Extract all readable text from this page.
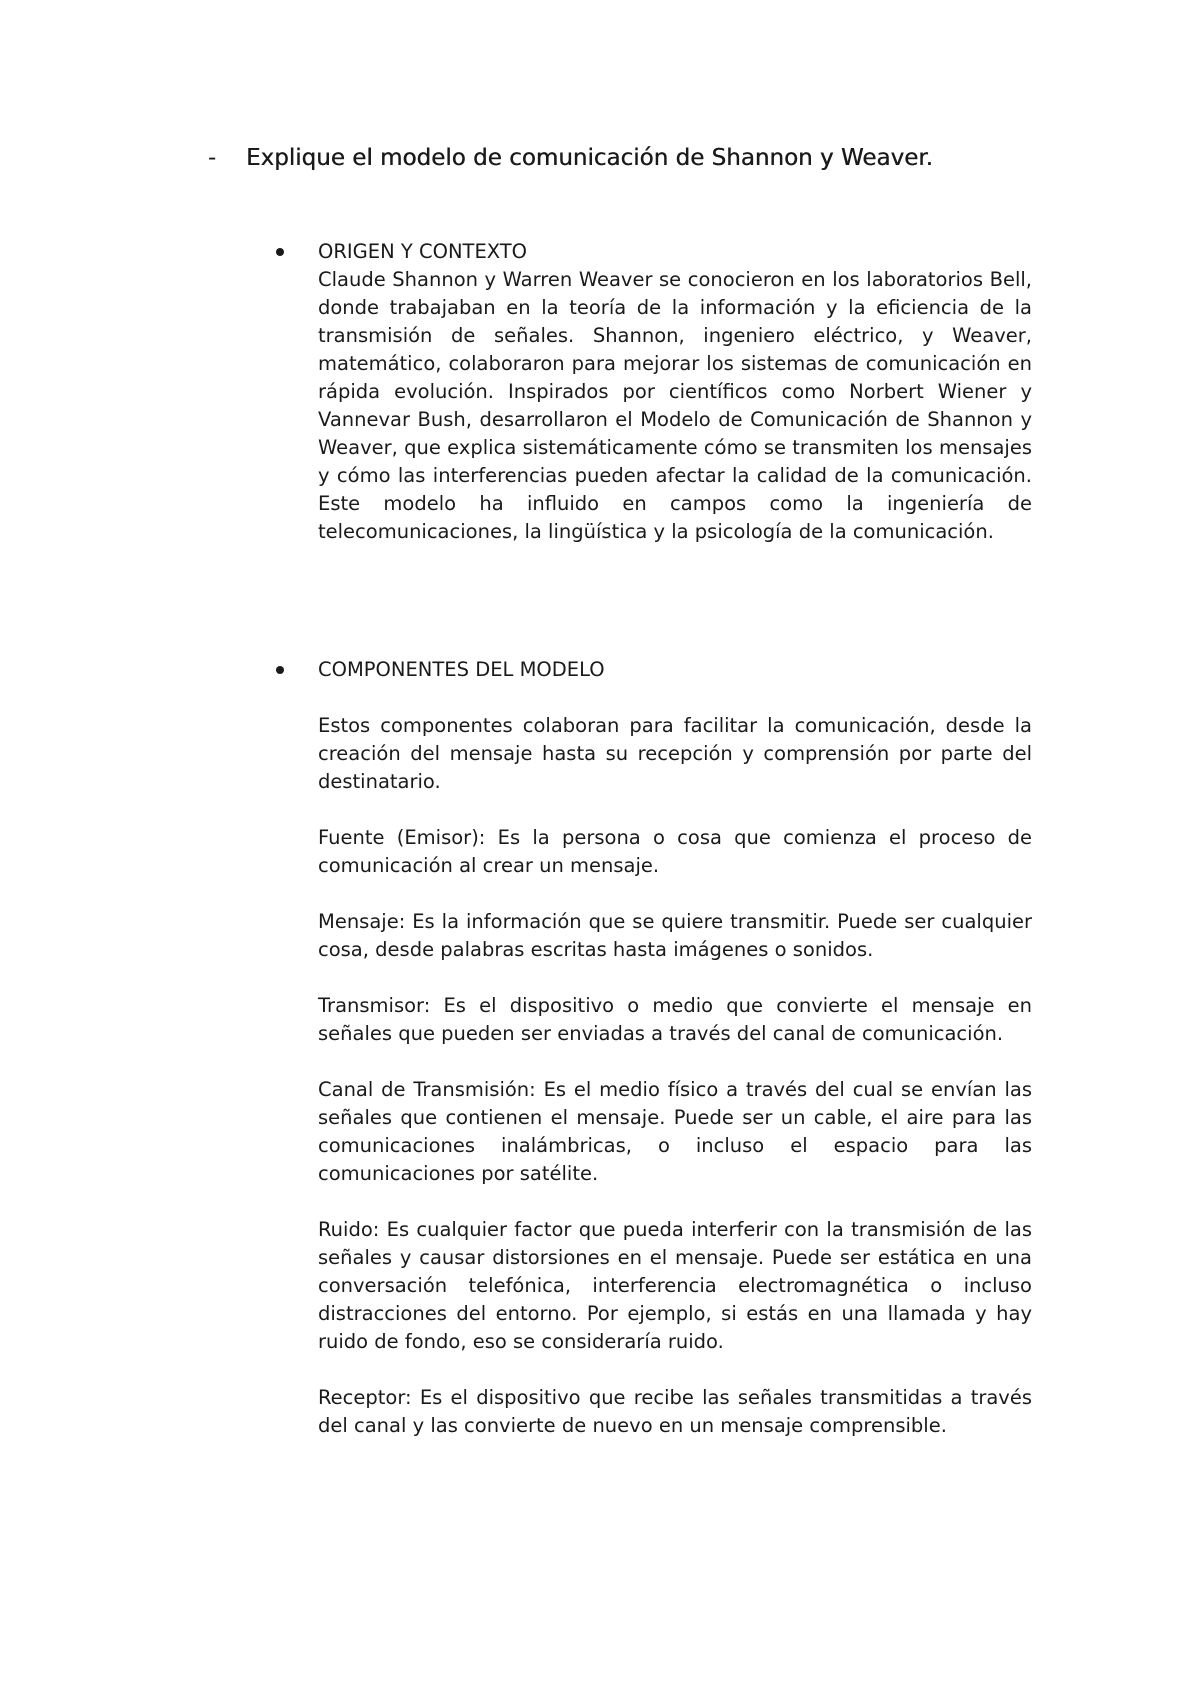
-	Explique el modelo de comunicación de Shannon y Weaver.

ORIGEN Y CONTEXTO

Claude Shannon y Warren Weaver se conocieron en los laboratorios Bell, donde trabajaban en la teoría de la información y la eficiencia de la transmisión de señales. Shannon, ingeniero eléctrico, y Weaver, matemático, colaboraron para mejorar los sistemas de comunicación en rápida evolución. Inspirados por científicos como Norbert Wiener y Vannevar Bush, desarrollaron el Modelo de Comunicación de Shannon y Weaver, que explica sistemáticamente cómo se transmiten los mensajes y cómo las interferencias pueden afectar la calidad de la comunicación. Este modelo ha influido en campos como la ingeniería de telecomunicaciones, la lingüística y la psicología de la comunicación.

COMPONENTES DEL MODELO

Estos componentes colaboran para facilitar la comunicación, desde la creación del mensaje hasta su recepción y comprensión por parte del destinatario.

Fuente (Emisor): Es la persona o cosa que comienza el proceso de comunicación al crear un mensaje.

Mensaje: Es la información que se quiere transmitir. Puede ser cualquier cosa, desde palabras escritas hasta imágenes o sonidos.

Transmisor: Es el dispositivo o medio que convierte el mensaje en señales que pueden ser enviadas a través del canal de comunicación.

Canal de Transmisión: Es el medio físico a través del cual se envían las señales que contienen el mensaje. Puede ser un cable, el aire para las comunicaciones inalámbricas, o incluso el espacio para las comunicaciones por satélite.

Ruido: Es cualquier factor que pueda interferir con la transmisión de las señales y causar distorsiones en el mensaje. Puede ser estática en una conversación telefónica, interferencia electromagnética o incluso distracciones del entorno. Por ejemplo, si estás en una llamada y hay ruido de fondo, eso se consideraría ruido.

Receptor: Es el dispositivo que recibe las señales transmitidas a través del canal y las convierte de nuevo en un mensaje comprensible.
